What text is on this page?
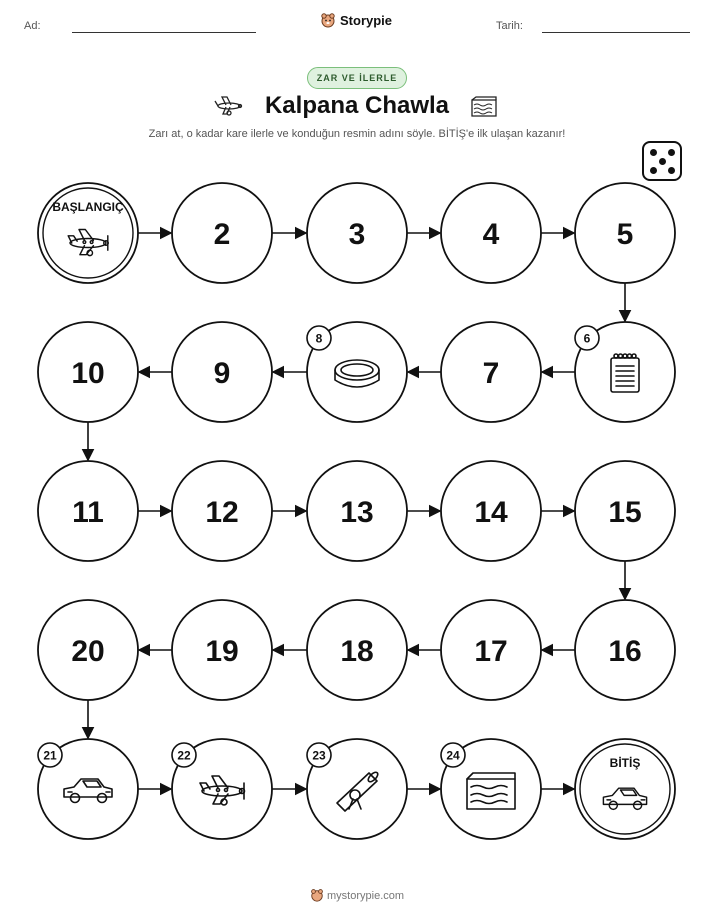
Ad:	Storypie	Tarih:
ZAR VE İLERLE
Kalpana Chawla
Zarı at, o kadar kare ilerle ve konduğun resmin adını söyle. BİTİŞ'e ilk ulaşan kazanır!
BAŞLANGIÇ
2	3	4	5
6
7
8
9
10
11	12	13	14	15
16
17
18
19
20
21	22	23	24
BİTİŞ
mystorypie.com
